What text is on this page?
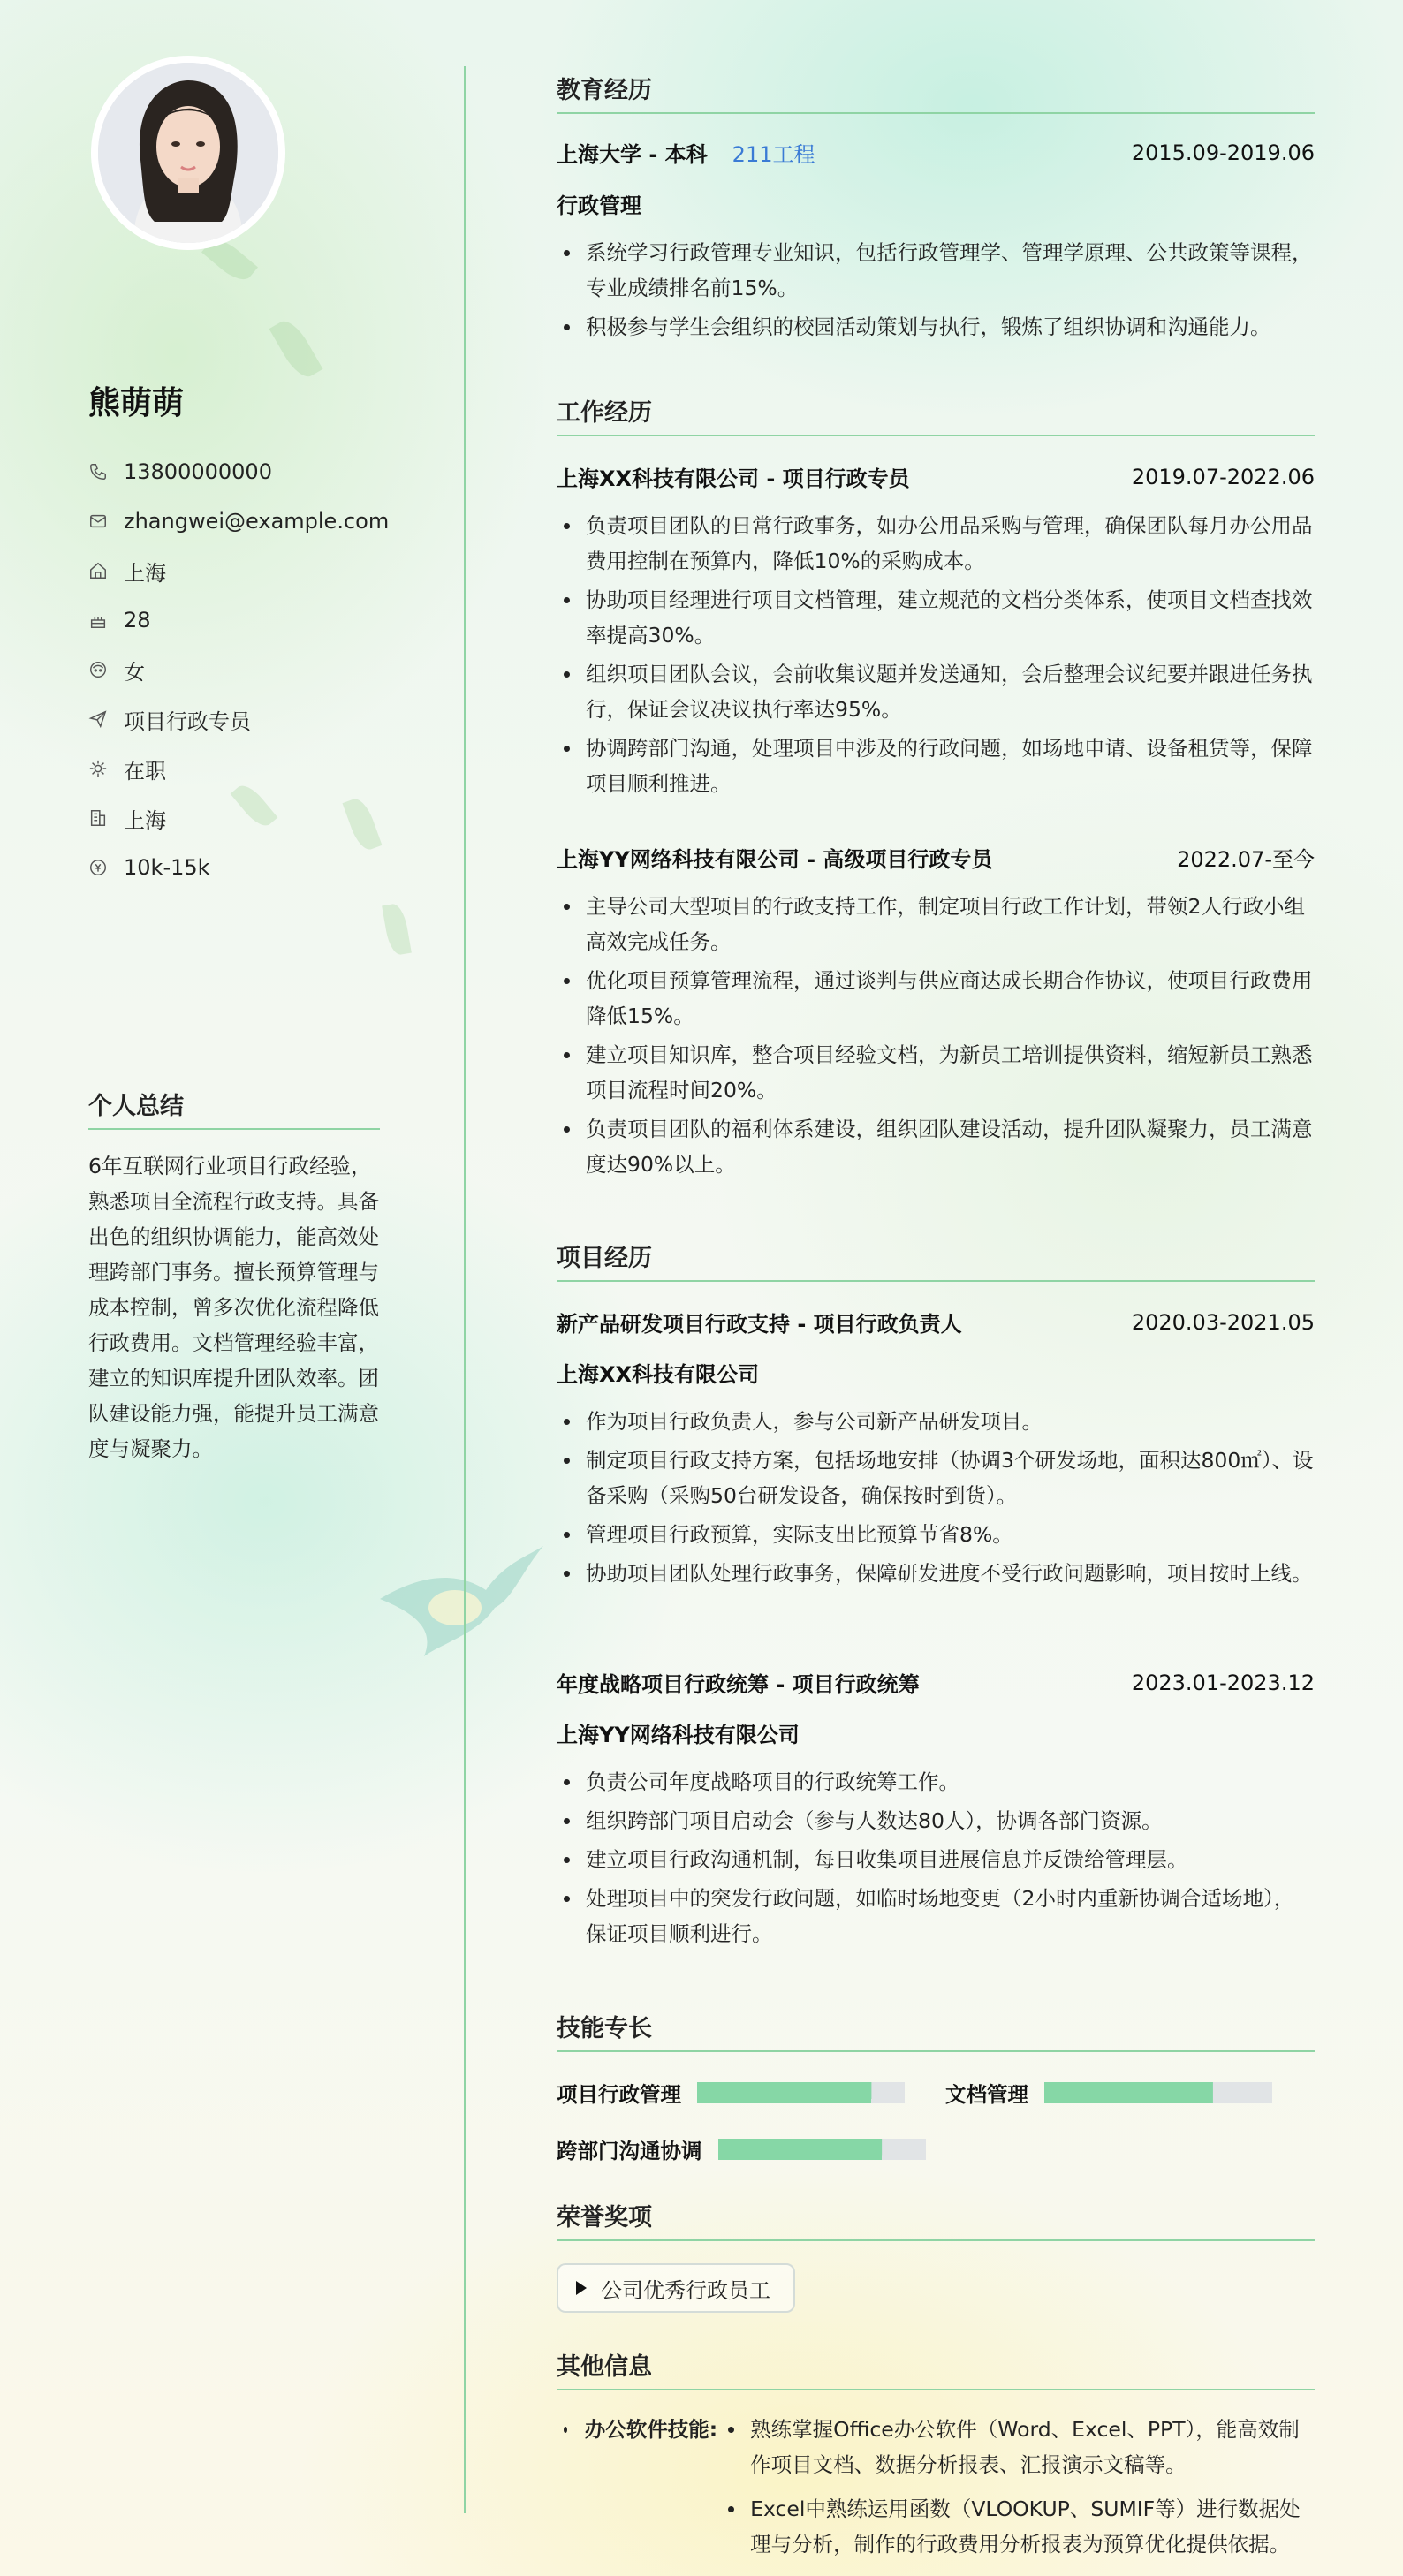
熊萌萌
13800000000
zhangwei@example.com
上海
28
女
项目行政专员
在职
上海
10k-15k
个人总结
6年互联网行业项目行政经验，熟悉项目全流程行政支持。具备出色的组织协调能力，能高效处理跨部门事务。擅长预算管理与成本控制，曾多次优化流程降低行政费用。文档管理经验丰富，建立的知识库提升团队效率。团队建设能力强，能提升员工满意度与凝聚力。
教育经历
上海大学 - 本科 211工程	2015.09-2019.06
行政管理
系统学习行政管理专业知识，包括行政管理学、管理学原理、公共政策等课程，专业成绩排名前15%。
积极参与学生会组织的校园活动策划与执行，锻炼了组织协调和沟通能力。
工作经历
上海XX科技有限公司 - 项目行政专员	2019.07-2022.06
负责项目团队的日常行政事务，如办公用品采购与管理，确保团队每月办公用品费用控制在预算内，降低10%的采购成本。
协助项目经理进行项目文档管理，建立规范的文档分类体系，使项目文档查找效率提高30%。
组织项目团队会议，会前收集议题并发送通知，会后整理会议纪要并跟进任务执行，保证会议决议执行率达95%。
协调跨部门沟通，处理项目中涉及的行政问题，如场地申请、设备租赁等，保障项目顺利推进。
上海YY网络科技有限公司 - 高级项目行政专员	2022.07-至今
主导公司大型项目的行政支持工作，制定项目行政工作计划，带领2人行政小组高效完成任务。
优化项目预算管理流程，通过谈判与供应商达成长期合作协议，使项目行政费用降低15%。
建立项目知识库，整合项目经验文档，为新员工培训提供资料，缩短新员工熟悉项目流程时间20%。
负责项目团队的福利体系建设，组织团队建设活动，提升团队凝聚力，员工满意度达90%以上。
项目经历
新产品研发项目行政支持 - 项目行政负责人	2020.03-2021.05
上海XX科技有限公司
作为项目行政负责人，参与公司新产品研发项目。
制定项目行政支持方案，包括场地安排（协调3个研发场地，面积达800㎡）、设备采购（采购50台研发设备，确保按时到货）。
管理项目行政预算，实际支出比预算节省8%。
协助项目团队处理行政事务，保障研发进度不受行政问题影响，项目按时上线。
年度战略项目行政统筹 - 项目行政统筹	2023.01-2023.12
上海YY网络科技有限公司
负责公司年度战略项目的行政统筹工作。
组织跨部门项目启动会（参与人数达80人），协调各部门资源。
建立项目行政沟通机制，每日收集项目进展信息并反馈给管理层。
处理项目中的突发行政问题，如临时场地变更（2小时内重新协调合适场地），保证项目顺利进行。
技能专长
项目行政管理	文档管理
跨部门沟通协调
荣誉奖项
公司优秀行政员工
其他信息
办公软件技能:	熟练掌握Office办公软件（Word、Excel、PPT），能高效制作项目文档、数据分析报表、汇报演示文稿等。
Excel中熟练运用函数（VLOOKUP、SUMIF等）进行数据处理与分析，制作的行政费用分析报表为预算优化提供依据。
